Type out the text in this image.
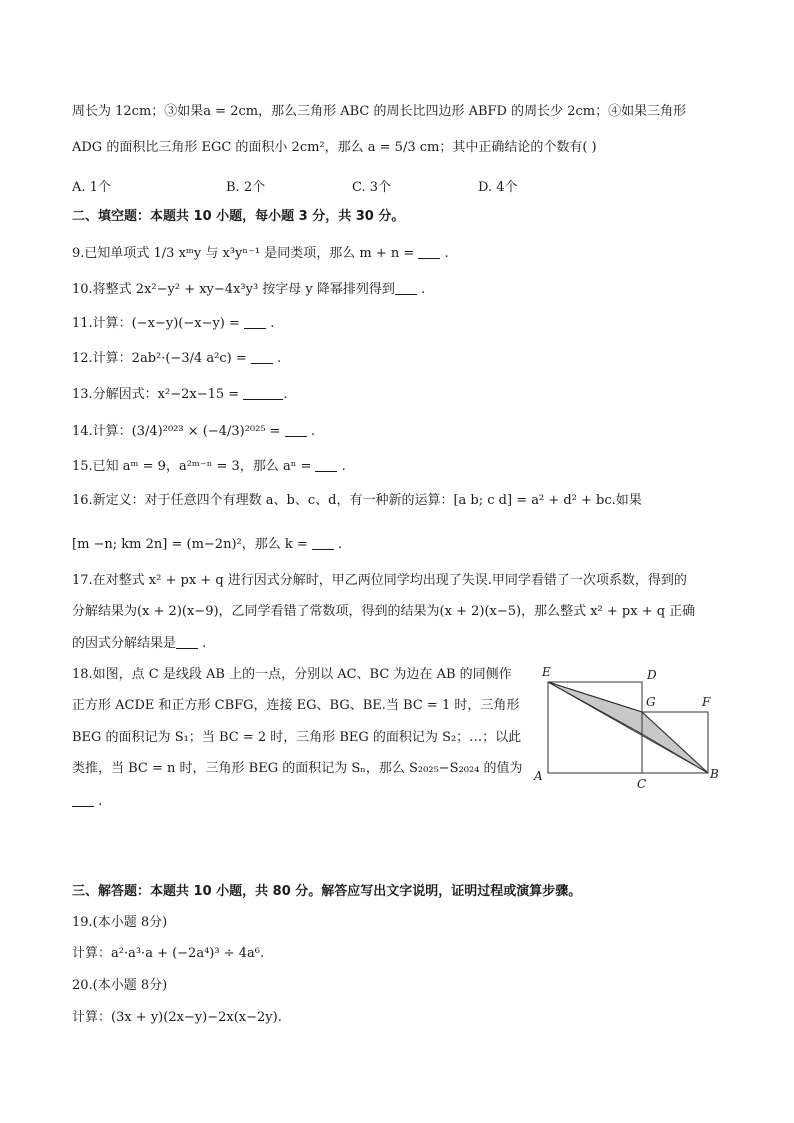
周长为 12cm；③如果a = 2cm，那么三角形 ABC 的周长比四边形 ABFD 的周长少 2cm；④如果三角形
ADG 的面积比三角形 EGC 的面积小 2cm²，那么 a = 5/3 cm；其中正确结论的个数有( )
A. 1个	B. 2个	C. 3个	D. 4个
二、填空题：本题共 10 小题，每小题 3 分，共 30 分。
9.已知单项式 1/3 xᵐy 与 x³yⁿ⁻¹ 是同类项，那么 m + n =  .
10.将整式 2x²−y² + xy−4x³y³ 按字母 y 降幂排列得到 .
11.计算：(−x−y)(−x−y) =  .
12.计算：2ab²·(−3/4 a²c) =  .
13.分解因式：x²−2x−15 =	.
14.计算：(3/4)²⁰²³ × (−4/3)²⁰²⁵ =  .
15.已知 aᵐ = 9，a²ᵐ⁻ⁿ = 3，那么 aⁿ =  .
16.新定义：对于任意四个有理数 a、b、c、d，有一种新的运算：[a b; c d] = a² + d² + bc.如果
[m −n; km 2n] = (m−2n)²，那么 k =  .
17.在对整式 x² + px + q 进行因式分解时，甲乙两位同学均出现了失误.甲同学看错了一次项系数，得到的
分解结果为(x + 2)(x−9)，乙同学看错了常数项，得到的结果为(x + 2)(x−5)，那么整式 x² + px + q 正确
的因式分解结果是 .
18.如图，点 C 是线段 AB 上的一点，分别以 AC、BC 为边在 AB 的同侧作
正方形 ACDE 和正方形 CBFG，连接 EG、BG、BE.当 BC = 1 时，三角形
BEG 的面积记为 S₁；当 BC = 2 时，三角形 BEG 的面积记为 S₂；…；以此
类推，当 BC = n 时，三角形 BEG 的面积记为 Sₙ，那么 S₂₀₂₅−S₂₀₂₄ 的值为
.
E	D
G	F
A
C
B
三、解答题：本题共 10 小题，共 80 分。解答应写出文字说明，证明过程或演算步骤。
19.(本小题 8分)
计算：a²·a³·a + (−2a⁴)³ ÷ 4a⁶.
20.(本小题 8分)
计算：(3x + y)(2x−y)−2x(x−2y).
